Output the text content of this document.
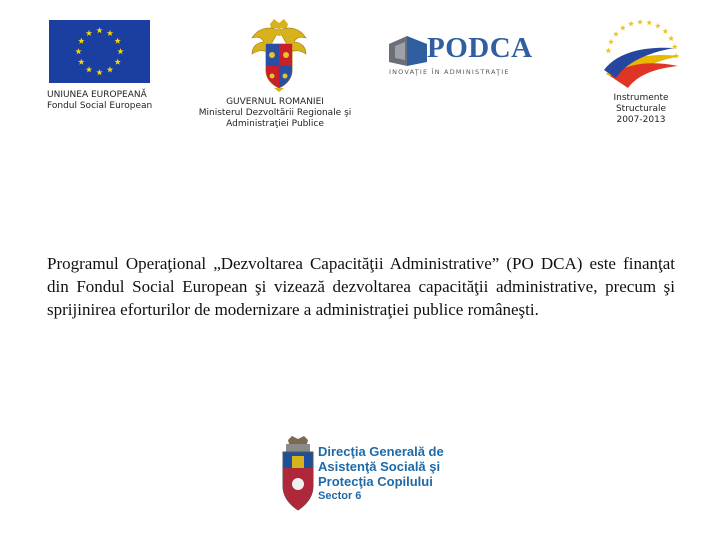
UNIUNEA EUROPEANĂ
Fondul Social European	GUVERNUL ROMANIEI
Ministerul Dezvoltării Regionale şi
Administraţiei Publice
PODCA
INOVAŢIE ÎN ADMINISTRAŢIE
Instrumente
Structurale
2007-2013
Programul Operaţional „Dezvoltarea Capacităţii Administrative” (PO DCA) este finanţat din Fondul Social European şi vizează dezvoltarea capacităţii administrative, precum şi sprijinirea eforturilor de modernizare a administraţiei publice româneşti.
Direcţia Generală de
Asistenţă Socială şi
Protecţia Copilului
Sector 6
